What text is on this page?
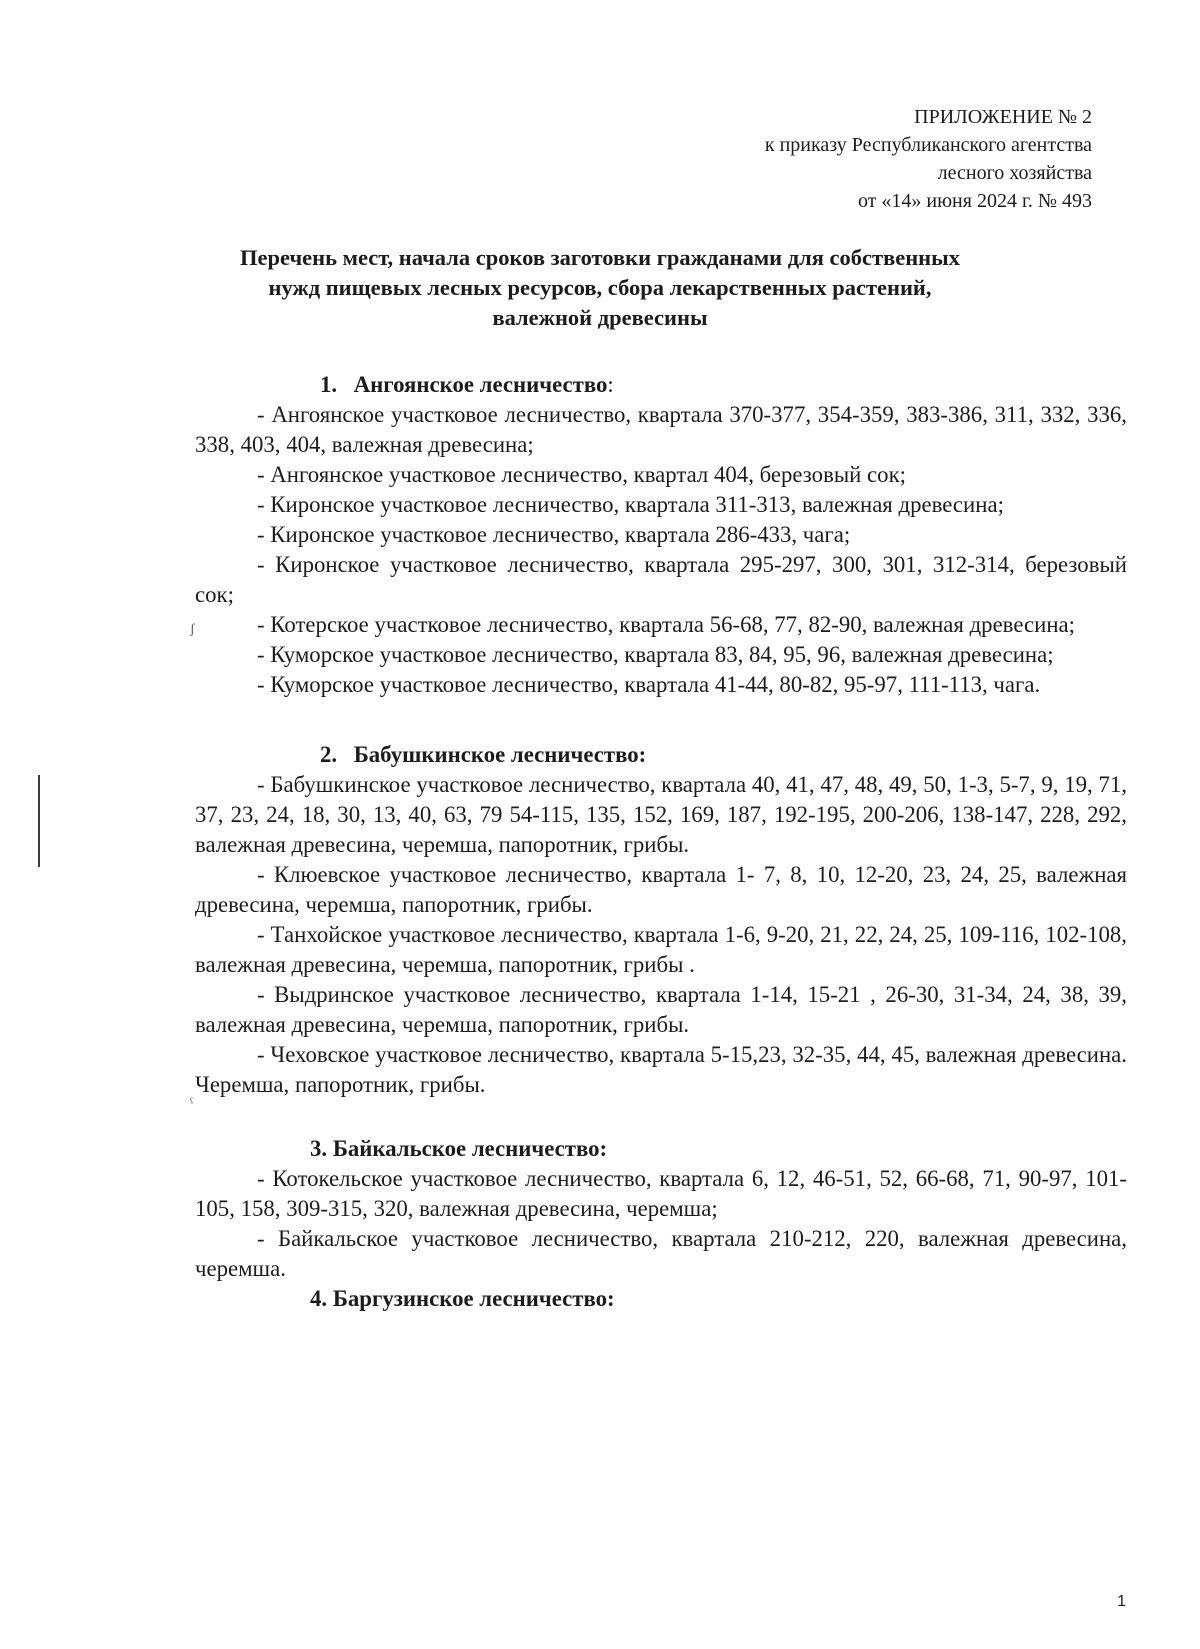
ПРИЛОЖЕНИЕ № 2
к приказу Республиканского агентства
лесного хозяйства
от «14» июня 2024 г. № 493
Перечень мест, начала сроков заготовки гражданами для собственных
нужд пищевых лесных ресурсов, сбора лекарственных растений,
валежной древесины

1. Ангоянское лесничество:

- Ангоянское участковое лесничество, квартала 370-377, 354-359, 383-386, 311, 332, 336, 338, 403, 404, валежная древесина;

- Ангоянское участковое лесничество, квартал 404, березовый сок;

- Киронское участковое лесничество, квартала 311-313, валежная древесина;

- Киронское участковое лесничество, квартала 286-433, чага;

- Киронское участковое лесничество, квартала 295-297, 300, 301, 312-314, березовый сок;

- Котерское участковое лесничество, квартала 56-68, 77, 82-90, валежная древесина;

- Куморское участковое лесничество, квартала 83, 84, 95, 96, валежная древесина;

- Куморское участковое лесничество, квартала 41-44, 80-82, 95-97, 111-113, чага.

2. Бабушкинское лесничество:

- Бабушкинское участковое лесничество, квартала 40, 41, 47, 48, 49, 50, 1-3, 5-7, 9, 19, 71, 37, 23, 24, 18, 30, 13, 40, 63, 79 54-115, 135, 152, 169, 187, 192-195, 200-206, 138-147, 228, 292, валежная древесина, черемша, папоротник, грибы.

- Клюевское участковое лесничество, квартала 1- 7, 8, 10, 12-20, 23, 24, 25, валежная древесина, черемша, папоротник, грибы.

- Танхойское участковое лесничество, квартала 1-6, 9-20, 21, 22, 24, 25, 109-116, 102-108, валежная древесина, черемша, папоротник, грибы .

- Выдринское участковое лесничество, квартала 1-14, 15-21 , 26-30, 31-34, 24, 38, 39, валежная древесина, черемша, папоротник, грибы.

- Чеховское участковое лесничество, квартала 5-15,23, 32-35, 44, 45, валежная древесина. Черемша, папоротник, грибы.

3. Байкальское лесничество:

- Котокельское участковое лесничество, квартала 6, 12, 46-51, 52, 66-68, 71, 90-97, 101-105, 158, 309-315, 320, валежная древесина, черемша;

- Байкальское участковое лесничество, квартала 210-212, 220, валежная древесина, черемша.

4. Баргузинское лесничество:

ʃ
ˁ
1
